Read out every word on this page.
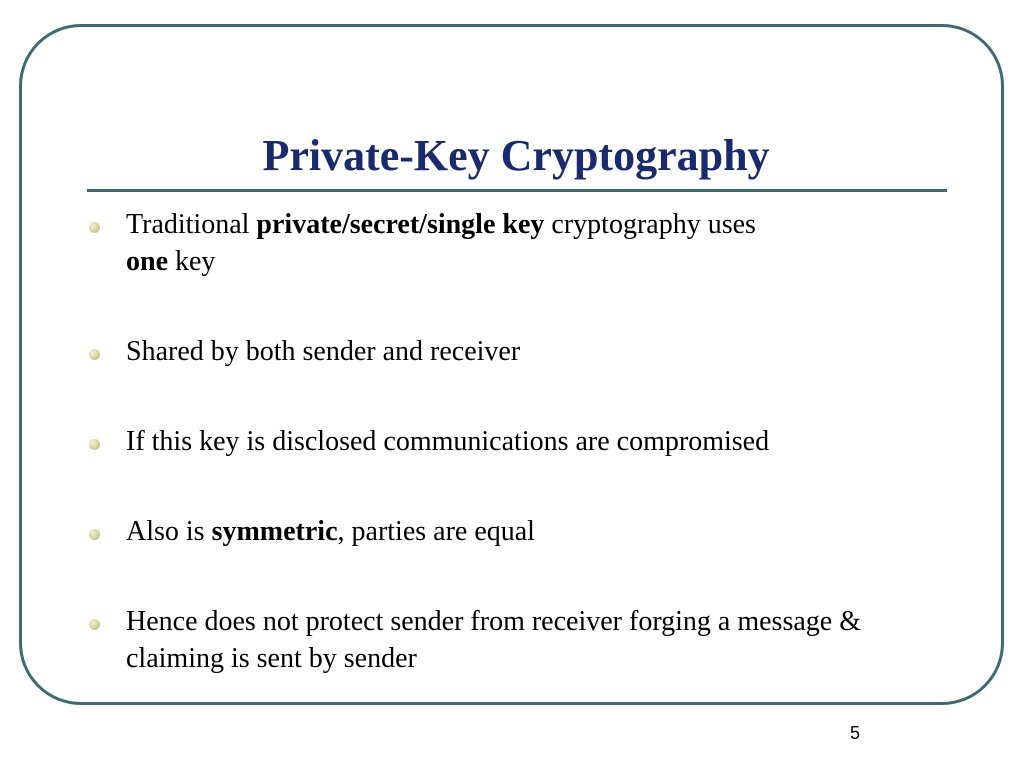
Private-Key Cryptography
Traditional private/secret/single key cryptography uses
one key
Shared by both sender and receiver
If this key is disclosed communications are compromised
Also is symmetric, parties are equal
Hence does not protect sender from receiver forging a message & claiming is sent by sender
5
